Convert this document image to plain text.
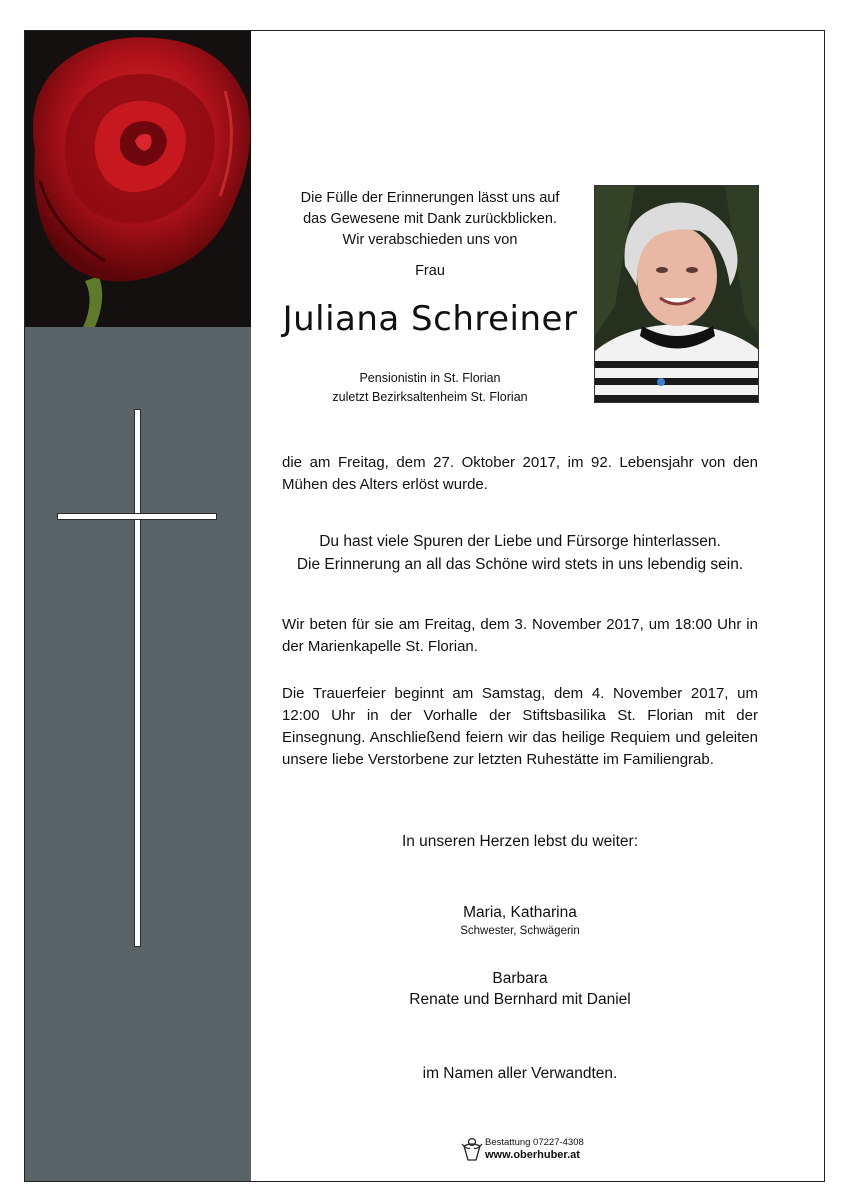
Die Fülle der Erinnerungen lässt uns auf
das Gewesene mit Dank zurückblicken.
Wir verabschieden uns von
Frau
Juliana Schreiner
Pensionistin in St. Florian
zuletzt Bezirksaltenheim St. Florian
die am Freitag, dem 27. Oktober 2017, im 92. Lebensjahr von den Mühen des Alters erlöst wurde.
Du hast viele Spuren der Liebe und Fürsorge hinterlassen.
Die Erinnerung an all das Schöne wird stets in uns lebendig sein.
Wir beten für sie am Freitag, dem 3. November 2017, um 18:00 Uhr in der Marienkapelle St. Florian.
Die Trauerfeier beginnt am Samstag, dem 4. November 2017, um 12:00 Uhr in der Vorhalle der Stiftsbasilika St. Florian mit der Einsegnung. Anschließend feiern wir das heilige Requiem und geleiten unsere liebe Verstorbene zur letzten Ruhestätte im Familiengrab.
In unseren Herzen lebst du weiter:
Maria, Katharina
Schwester, Schwägerin
Barbara
Renate und Bernhard mit Daniel
im Namen aller Verwandten.
Bestattung 07227-4308
www.oberhuber.at
